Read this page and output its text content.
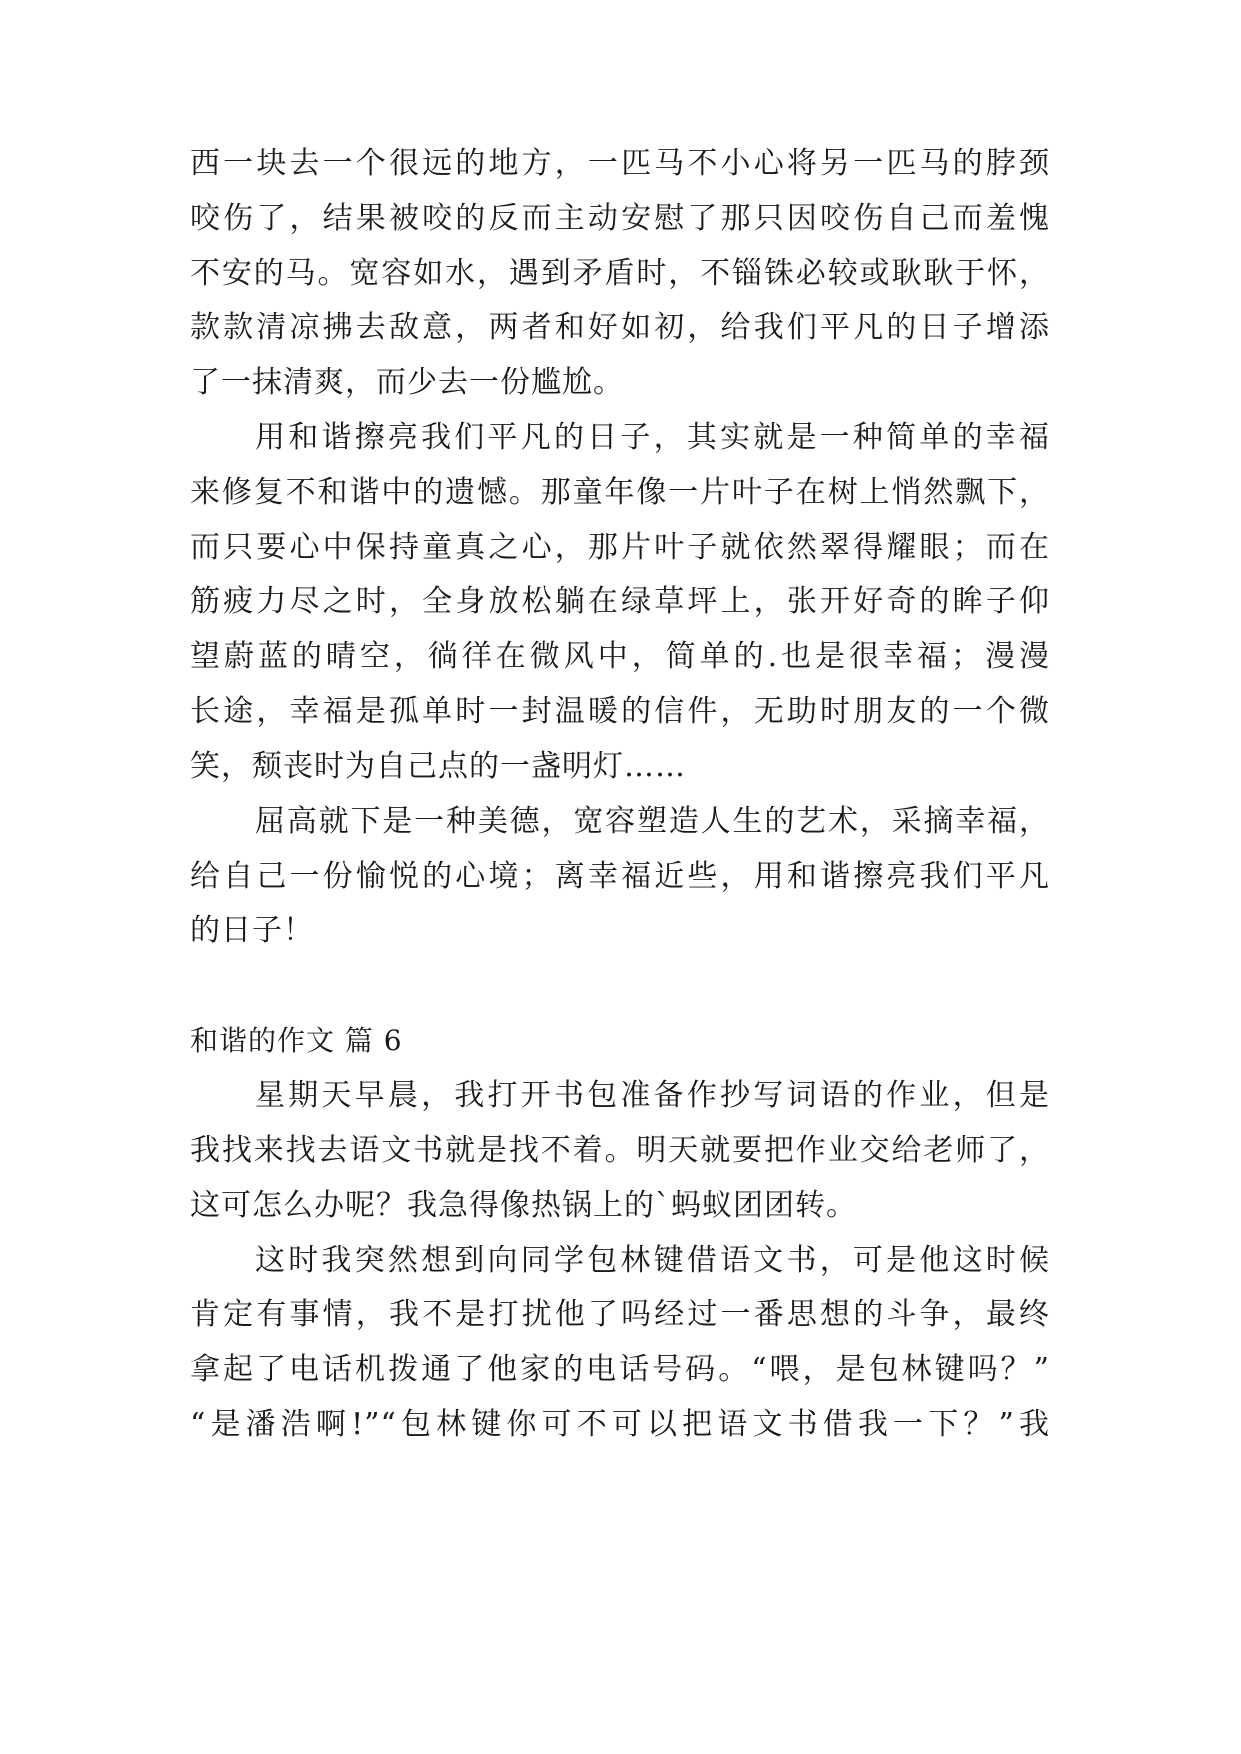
西一块去一个很远的地方，一匹马不小心将另一匹马的脖颈
咬伤了，结果被咬的反而主动安慰了那只因咬伤自己而羞愧
不安的马。宽容如水，遇到矛盾时，不锱铢必较或耿耿于怀，
款款清凉拂去敌意，两者和好如初，给我们平凡的日子增添
了一抹清爽，而少去一份尴尬。
用和谐擦亮我们平凡的日子，其实就是一种简单的幸福
来修复不和谐中的遗憾。那童年像一片叶子在树上悄然飘下，
而只要心中保持童真之心，那片叶子就依然翠得耀眼；而在
筋疲力尽之时，全身放松躺在绿草坪上，张开好奇的眸子仰
望蔚蓝的晴空，徜徉在微风中，简单的.也是很幸福；漫漫
长途，幸福是孤单时一封温暖的信件，无助时朋友的一个微
笑，颓丧时为自己点的一盏明灯……
屈高就下是一种美德，宽容塑造人生的艺术，采摘幸福，
给自己一份愉悦的心境；离幸福近些，用和谐擦亮我们平凡
的日子！
和谐的作文 篇 6
星期天早晨，我打开书包准备作抄写词语的作业，但是
我找来找去语文书就是找不着。明天就要把作业交给老师了，
这可怎么办呢？我急得像热锅上的`蚂蚁团团转。
这时我突然想到向同学包林键借语文书，可是他这时候
肯定有事情，我不是打扰他了吗经过一番思想的斗争，最终
拿起了电话机拨通了他家的电话号码。“喂，是包林键吗？”
“是潘浩啊!”“包林键你可不可以把语文书借我一下？”我
